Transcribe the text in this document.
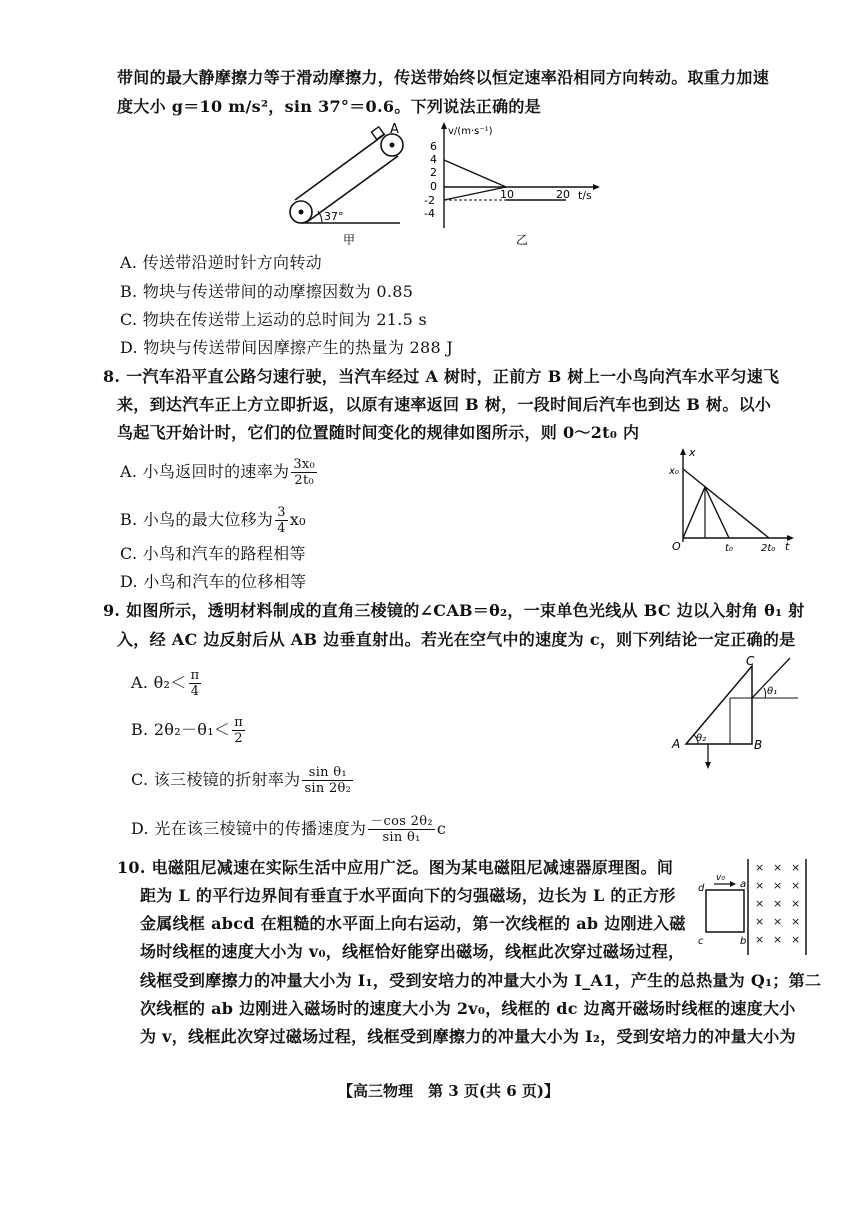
带间的最大静摩擦力等于滑动摩擦力，传送带始终以恒定速率沿相同方向转动。取重力加速
度大小 g＝10 m/s²，sin 37°＝0.6。下列说法正确的是
A
37°
甲
v/(m·s⁻¹)
t/s
6
4
2
0
-2
-4
10	20
乙
A. 传送带沿逆时针方向转动
B. 物块与传送带间的动摩擦因数为 0.85
C. 物块在传送带上运动的总时间为 21.5 s
D. 物块与传送带间因摩擦产生的热量为 288 J
8. 一汽车沿平直公路匀速行驶，当汽车经过 A 树时，正前方 B 树上一小鸟向汽车水平匀速飞
来，到达汽车正上方立即折返，以原有速率返回 B 树，一段时间后汽车也到达 B 树。以小
鸟起飞开始计时，它们的位置随时间变化的规律如图所示，则 0～2t₀ 内
A. 小鸟返回时的速率为 $\frac{\text{3x₀}}{\text{2t₀}}$
B. 小鸟的最大位移为 $\frac{3}{4} x_0$
C. 小鸟和汽车的路程相等
D. 小鸟和汽车的位移相等
x
t
x₀
O	t₀	2t₀
9. 如图所示，透明材料制成的直角三棱镜的∠CAB＝θ₂，一束单色光线从 BC 边以入射角 θ₁ 射
入，经 AC 边反射后从 AB 边垂直射出。若光在空气中的速度为 c，则下列结论一定正确的是
A. $\theta_2< \frac{\pi}{4}$
B. $2\theta_2-\theta_1< \frac{\pi}{2}$
C. 该三棱镜的折射率为 $\frac{\text{sin θ₁}}{\text{sin 2θ₂}}$
D. 光在该三棱镜中的传播速度为 $\frac{\text{－cos 2θ₂}}{\text{sin θ₁}}$ c
A	B
C
θ₁
θ₂
10. 电磁阻尼减速在实际生活中应用广泛。图为某电磁阻尼减速器原理图。间
距为 L 的平行边界间有垂直于水平面向下的匀强磁场，边长为 L 的正方形
金属线框 abcd 在粗糙的水平面上向右运动，第一次线框的 ab 边刚进入磁
场时线框的速度大小为 v₀，线框恰好能穿出磁场，线框此次穿过磁场过程，
线框受到摩擦力的冲量大小为 I₁，受到安培力的冲量大小为 I_A1，产生的总热量为 Q₁；第二
次线框的 ab 边刚进入磁场时的速度大小为 2v₀，线框的 dc 边离开磁场时线框的速度大小
为 v，线框此次穿过磁场过程，线框受到摩擦力的冲量大小为 I₂，受到安培力的冲量大小为
d	a
c	b
v₀
× × ×
× × ×
× × ×
× × ×
× × ×
【高三物理　第 3 页(共 6 页)】
